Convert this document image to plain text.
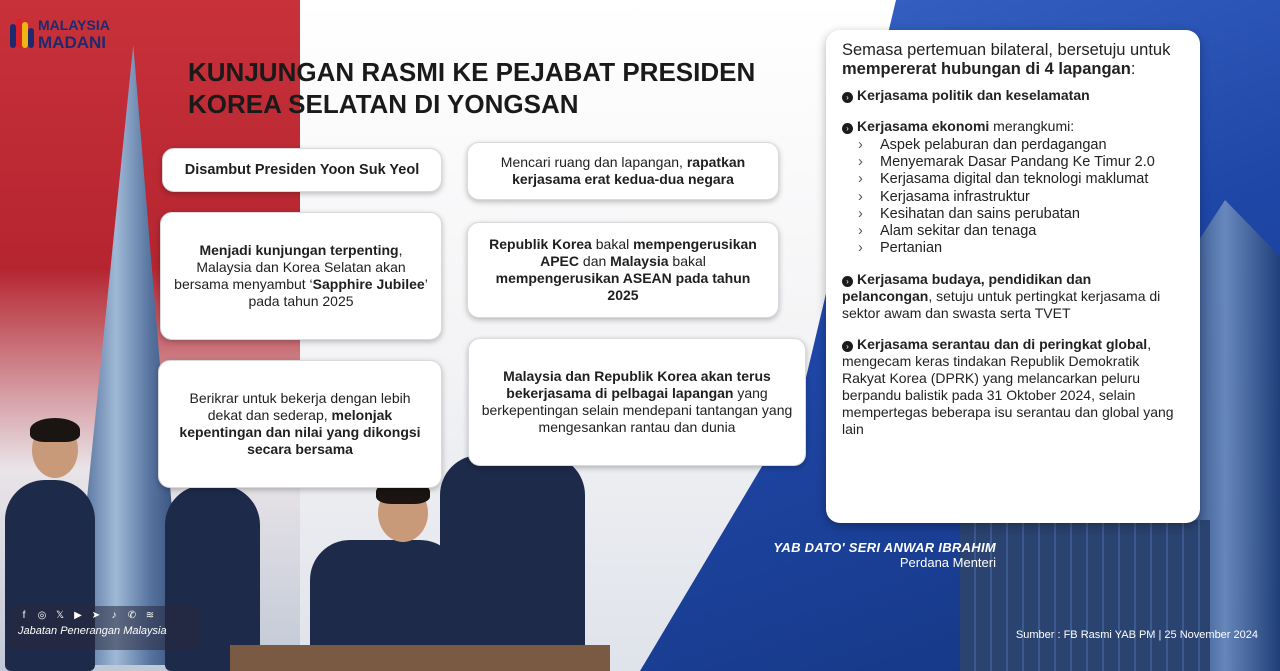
MALAYSIA
MADANI
KUNJUNGAN RASMI KE PEJABAT PRESIDEN KOREA SELATAN DI YONGSAN
Disambut Presiden Yoon Suk Yeol
Menjadi kunjungan terpenting, Malaysia dan Korea Selatan akan bersama menyambut ‘Sapphire Jubilee’ pada tahun 2025
Berikrar untuk bekerja dengan lebih dekat dan sederap, melonjak kepentingan dan nilai yang dikongsi secara bersama
Mencari ruang dan lapangan, rapatkan kerjasama erat kedua-dua negara
Republik Korea bakal mempengerusikan APEC dan Malaysia bakal mempengerusikan ASEAN pada tahun 2025
Malaysia dan Republik Korea akan terus bekerjasama di pelbagai lapangan yang berkepentingan selain mendepani tantangan yang mengesankan rantau dan dunia

Semasa pertemuan bilateral, bersetuju untuk mempererat hubungan di 4 lapangan:

› Kerjasama politik dan keselamatan
› Kerjasama ekonomi merangkumi:
› Aspek pelaburan dan perdagangan
› Menyemarak Dasar Pandang Ke Timur 2.0
› Kerjasama digital dan teknologi maklumat
› Kerjasama infrastruktur
› Kesihatan dan sains perubatan
› Alam sekitar dan tenaga
› Pertanian
› Kerjasama budaya, pendidikan dan pelancongan, setuju untuk pertingkat kerjasama di sektor awam dan swasta serta TVET
› Kerjasama serantau dan di peringkat global, mengecam keras tindakan Republik Demokratik Rakyat Korea (DPRK) yang melancarkan peluru berpandu balistik pada 31 Oktober 2024, selain mempertegas beberapa isu serantau dan global yang lain
YAB DATO' SERI ANWAR IBRAHIM
Perdana Menteri
f	◎ 𝕏 ▶ ➤	♪	✆ ≋
Jabatan Penerangan Malaysia	Sumber : FB Rasmi YAB PM | 25 November 2024
